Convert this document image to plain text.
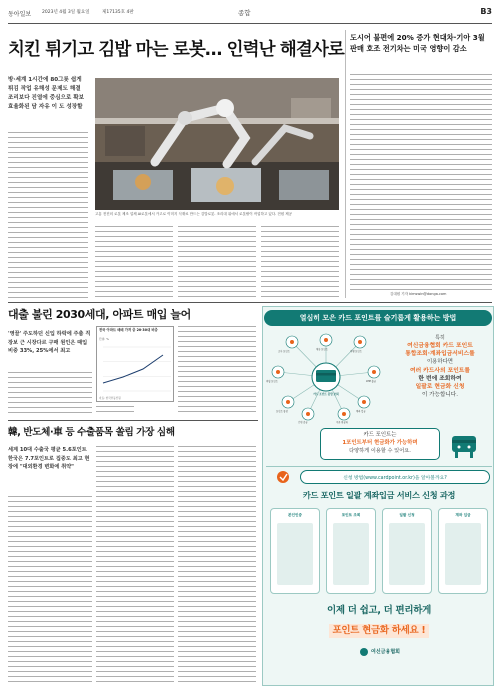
동아일보 2023년 4월 3일 월요일	제17135호 4판	종합	B3
치킨 튀기고 김밥 마는 로봇… 인력난 해결사로
방·세계 1시간에 80그릇 쉽게 튀김 작업 유해성 문제도 해결
조리보다 진열에 중심으로 확보 효율화된 담 자유 이 도 성장할
고흥 전진의 로봇 제조 업체 AI로봇에서 카고로 이미지 식재료 만드는 김밥로봇. 조리대 위에서 로봇팔이 작업하고 있다. 전원 제공
도시어 불편에 20% 증가 현대차·기아 3월 판매 호조 전기차는 미국 영향이 감소
김대원 기자 kimswin@donga.com
대출 불린 2030세대, 아파트 매입 늘어
'영끌' 주도하던 신입 하락에 주춤 직장보 근 시장다르 구매 원인은 때입 비중 33%, 25%에서 최고
전국 아파트 매매 가격 중 20·30대 비중
단위: %
자료: 한국부동산원
韓, 반도체·車 등 수출품목 쏠림 가장 심해
세계 10대 수출국 평균 5.6포인트 한국은 7.7포인트로 집중도 최고 현장에 "대외환경 변화에 취약"
열심히 모은 카드 포인트를 슬기롭게 활용하는 방법
카드 포인트 통합 조회
조사 포인트
제휴 포인트
여행 포인트
적립 포인트	ATM 출금
포인트 통장	계좌 입금
간편 송금	쿠폰 현금화
특히
여신금융협회 카드 포인트
통합조회·계좌입금서비스를
이용하다면
여러 카드사의 포인트를
한 번에 조회하여
일괄로 현금화 신청
이 가능합니다.
카드 포인트는
1포인트부터 현금화가 가능하며
다양하게 이용할 수 있어요.
신청 방법(www.cardpoint.or.kr)을 알아볼까요?
카드 포인트 일괄 계좌입금 서비스 신청 과정
본인인증	포인트 조회	일괄 신청	계좌 입금
이제 더 쉽고, 더 편리하게
포인트 현금화 하세요 !
여신금융협회
